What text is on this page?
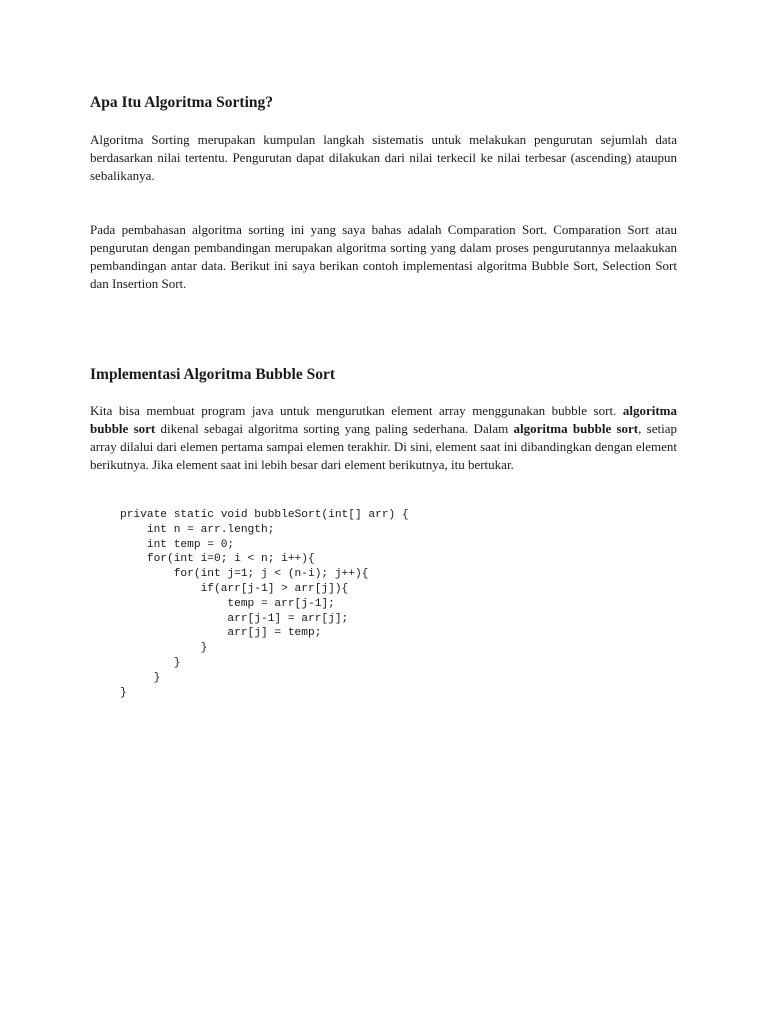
Apa Itu Algoritma Sorting?

Algoritma Sorting merupakan kumpulan langkah sistematis untuk melakukan pengurutan sejumlah data berdasarkan nilai tertentu. Pengurutan dapat dilakukan dari nilai terkecil ke nilai terbesar (ascending) ataupun sebalikanya.

Pada pembahasan algoritma sorting ini yang saya bahas adalah Comparation Sort. Comparation Sort atau pengurutan dengan pembandingan merupakan algoritma sorting yang dalam proses pengurutannya melaakukan pembandingan antar data. Berikut ini saya berikan contoh implementasi algoritma Bubble Sort, Selection Sort dan Insertion Sort.

Implementasi Algoritma Bubble Sort

Kita bisa membuat program java untuk mengurutkan element array menggunakan bubble sort. algoritma bubble sort dikenal sebagai algoritma sorting yang paling sederhana. Dalam algoritma bubble sort, setiap array dilalui dari elemen pertama sampai elemen terakhir. Di sini, element saat ini dibandingkan dengan element berikutnya. Jika element saat ini lebih besar dari element berikutnya, itu bertukar.

private static void bubbleSort(int[] arr) {
int n = arr.length;
int temp = 0;
for(int i=0; i < n; i++){
for(int j=1; j < (n-i); j++){
if(arr[j-1] > arr[j]){
temp = arr[j-1];
arr[j-1] = arr[j];
arr[j] = temp;
}
}
}
}
